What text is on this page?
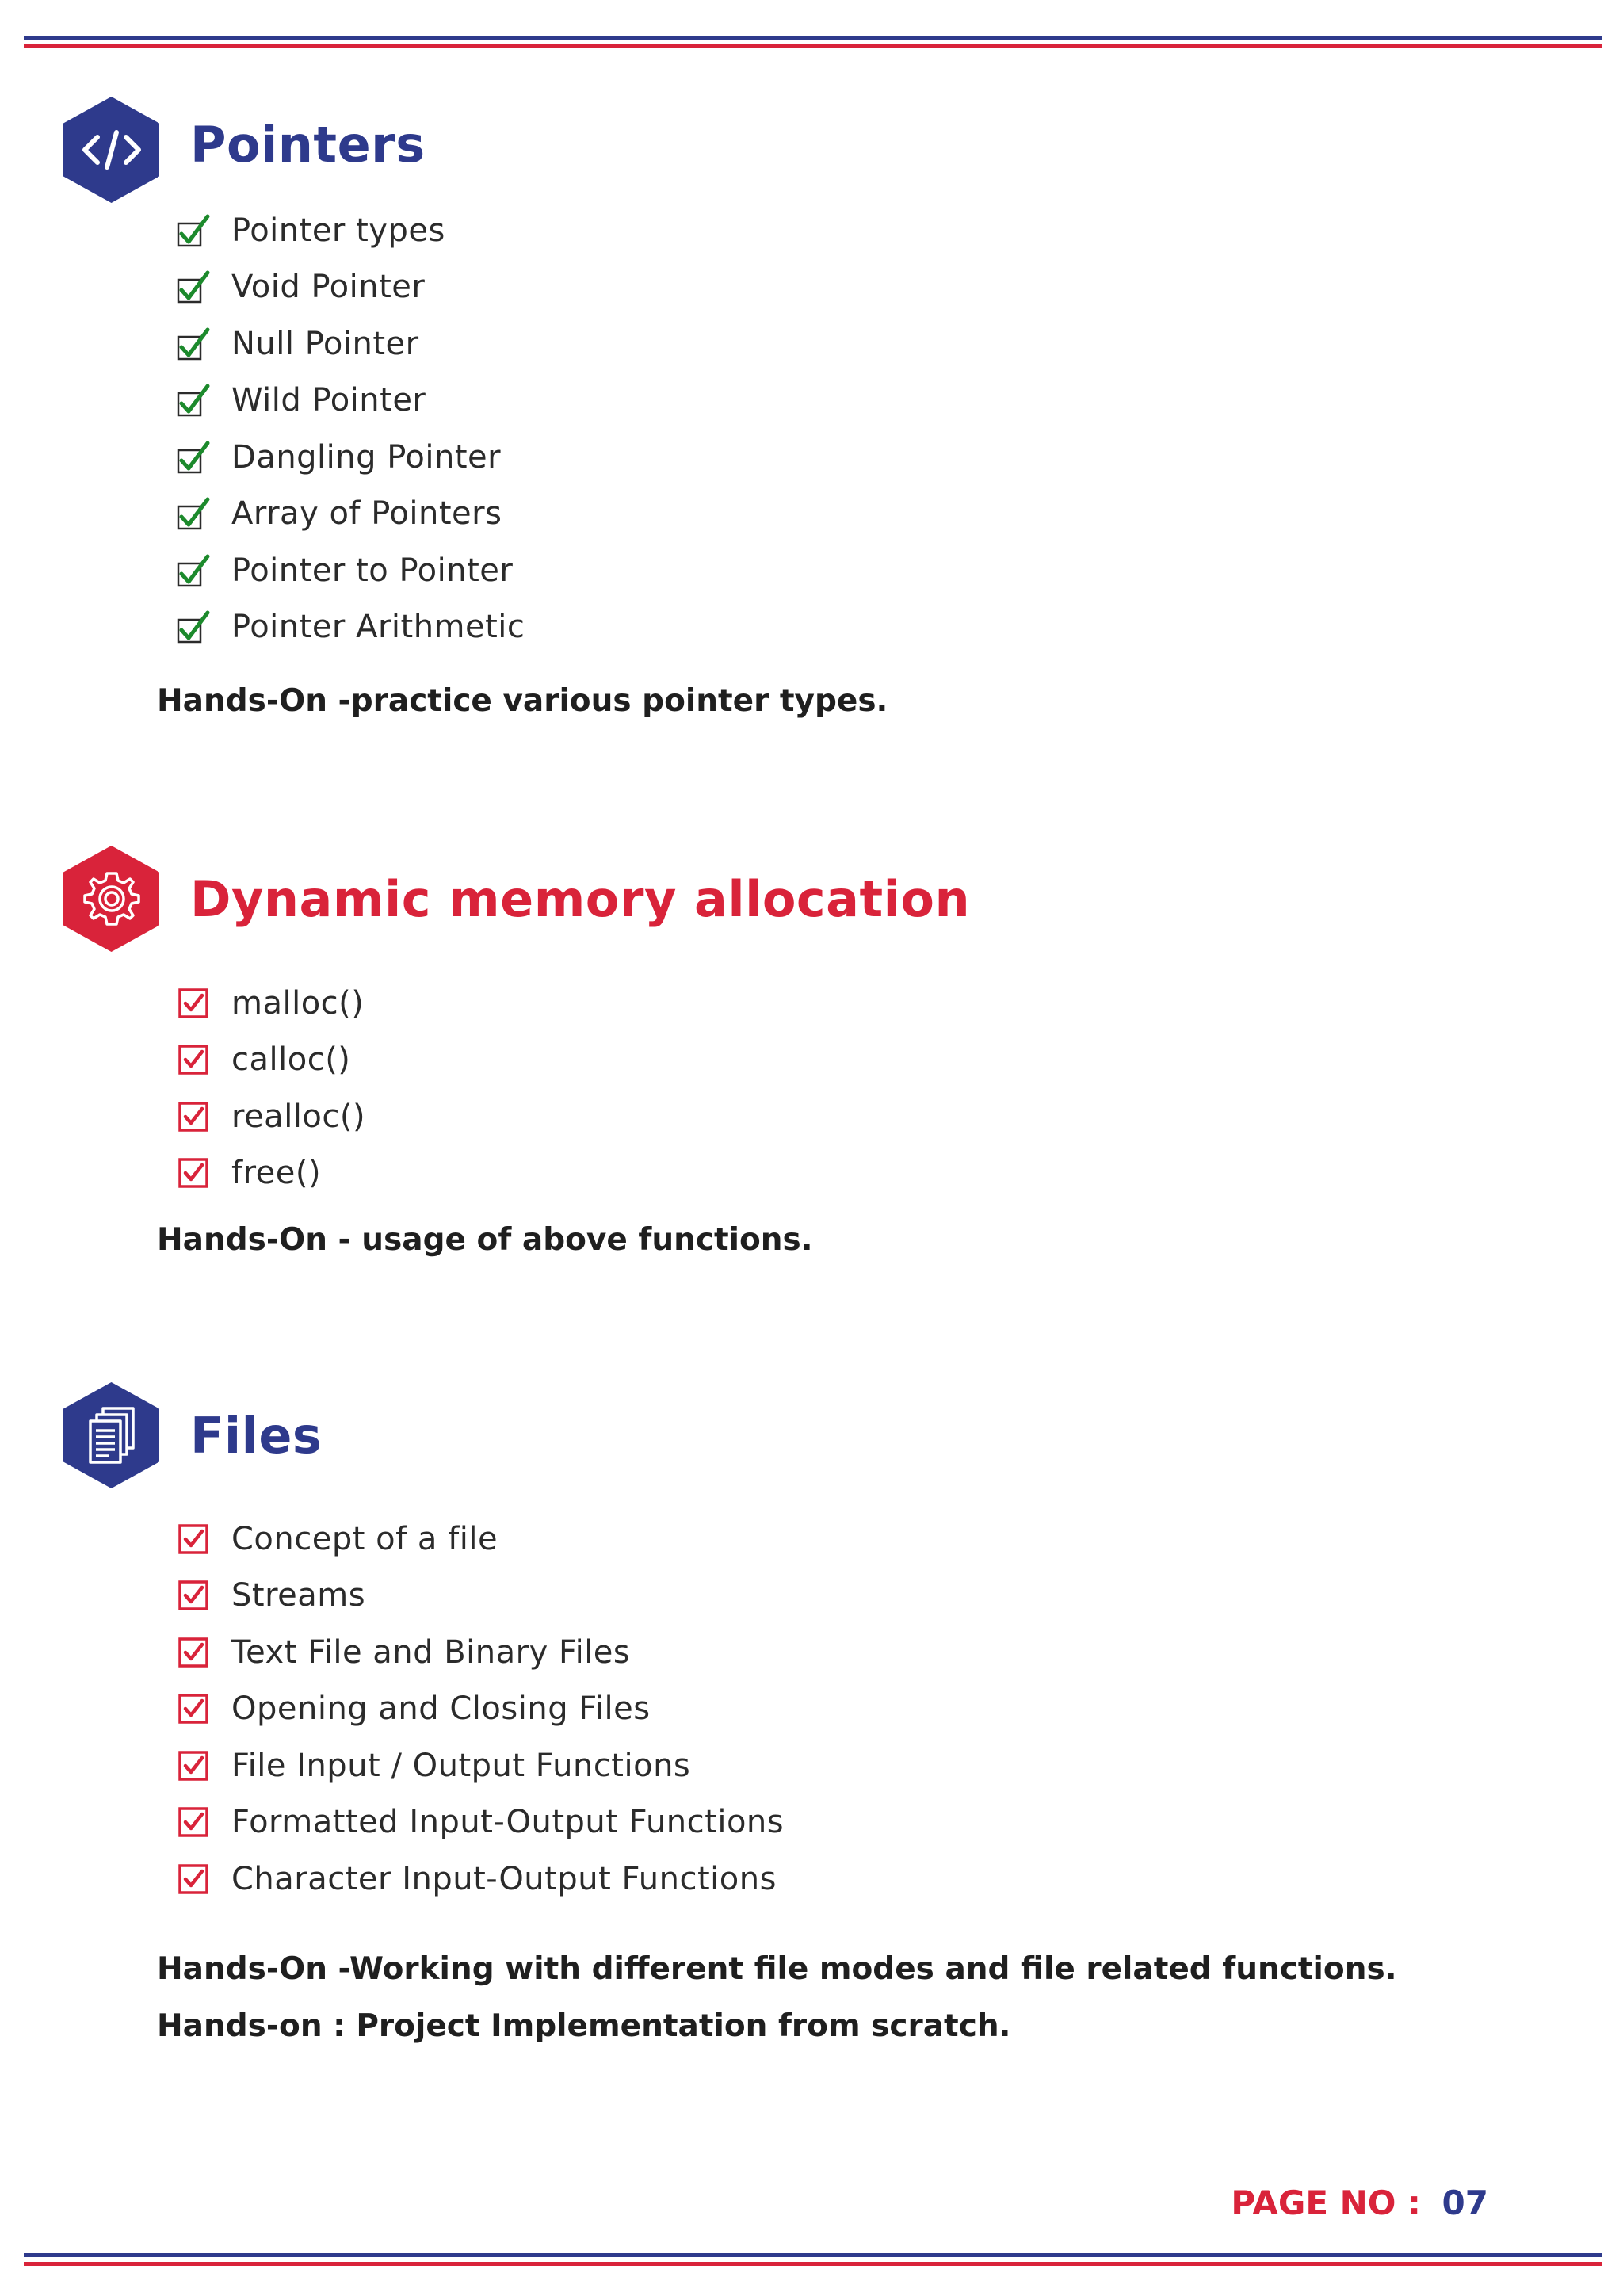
Pointers
Pointer types
Void Pointer
Null Pointer
Wild Pointer
Dangling Pointer
Array of Pointers
Pointer to Pointer
Pointer Arithmetic

Hands-On -practice various pointer types.

Dynamic memory allocation
malloc()
calloc()
realloc()
free()

Hands-On - usage of above functions.

Files
Concept of a file
Streams
Text File and Binary Files
Opening and Closing Files
File Input / Output Functions
Formatted Input-Output Functions
Character Input-Output Functions

Hands-On -Working with different file modes and file related functions.

Hands-on : Project Implementation from scratch.

PAGE NO : 07
